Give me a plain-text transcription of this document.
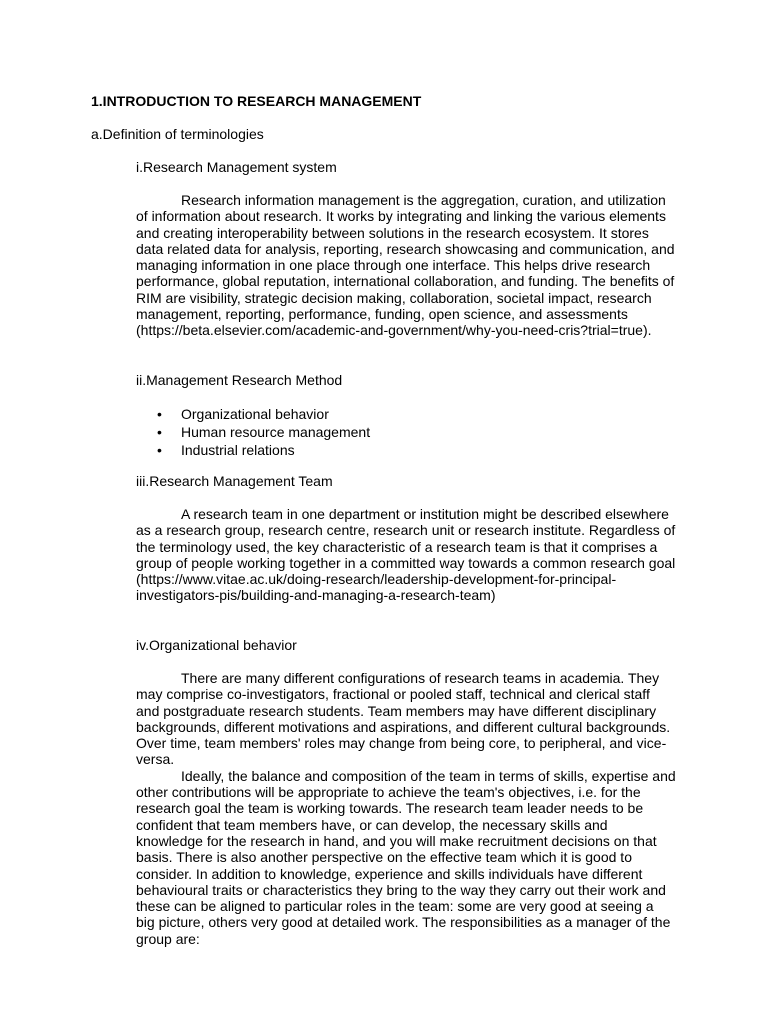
1.INTRODUCTION TO RESEARCH MANAGEMENT
a.Definition of terminologies
i.Research Management system

Research information management is the aggregation, curation, and utilization of information about research. It works by integrating and linking the various elements and creating interoperability between solutions in the research ecosystem. It stores data related data for analysis, reporting, research showcasing and communication, and managing information in one place through one interface. This helps drive research performance, global reputation, international collaboration, and funding. The benefits of RIM are visibility, strategic decision making, collaboration, societal impact, research management, reporting, performance, funding, open science, and assessments (https://beta.elsevier.com/academic-and-government/why-you-need-cris?trial=true).

ii.Management Research Method
• Organizational behavior
• Human resource management
• Industrial relations
iii.Research Management Team

A research team in one department or institution might be described elsewhere as a research group, research centre, research unit or research institute. Regardless of the terminology used, the key characteristic of a research team is that it comprises a group of people working together in a committed way towards a common research goal (https://www.vitae.ac.uk/doing-research/leadership-development-for-principal-investigators-pis/building-and-managing-a-research-team)

iv.Organizational behavior

There are many different configurations of research teams in academia. They may comprise co-investigators, fractional or pooled staff, technical and clerical staff and postgraduate research students. Team members may have different disciplinary backgrounds, different motivations and aspirations, and different cultural backgrounds. Over time, team members' roles may change from being core, to peripheral, and vice-versa.

Ideally, the balance and composition of the team in terms of skills, expertise and other contributions will be appropriate to achieve the team's objectives, i.e. for the research goal the team is working towards. The research team leader needs to be confident that team members have, or can develop, the necessary skills and knowledge for the research in hand, and you will make recruitment decisions on that basis. There is also another perspective on the effective team which it is good to consider. In addition to knowledge, experience and skills individuals have different behavioural traits or characteristics they bring to the way they carry out their work and these can be aligned to particular roles in the team: some are very good at seeing a big picture, others very good at detailed work. The responsibilities as a manager of the group are:
